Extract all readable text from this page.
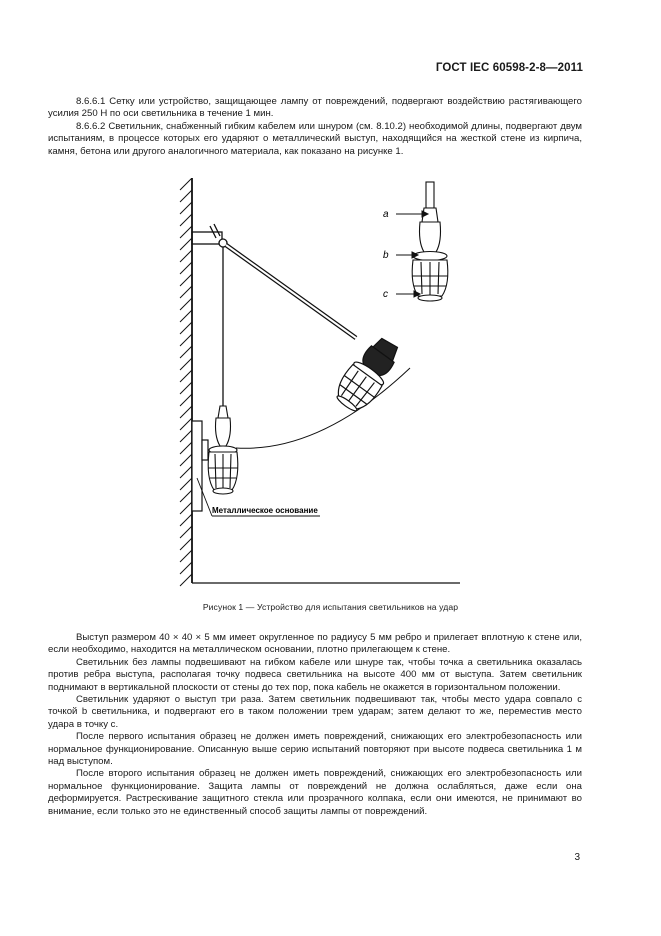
ГОСТ IEC 60598-2-8—2011

8.6.6.1 Сетку или устройство, защищающее лампу от повреждений, подвергают воздействию растягивающего усилия 250 Н по оси светильника в течение 1 мин.

8.6.6.2 Светильник, снабженный гибким кабелем или шнуром (см. 8.10.2) необходимой длины, подвергают двум испытаниям, в процессе которых его ударяют о металлический выступ, находящийся на жесткой стене из кирпича, камня, бетона или другого аналогичного материала, как показано на рисунке 1.

a
b
c
Металлическое основание
Рисунок 1 — Устройство для испытания светильников на удар

Выступ размером 40 × 40 × 5 мм имеет округленное по радиусу 5 мм ребро и прилегает вплотную к стене или, если необходимо, находится на металлическом основании, плотно прилегающем к стене.

Светильник без лампы подвешивают на гибком кабеле или шнуре так, чтобы точка a светильника оказалась против ребра выступа, располагая точку подвеса светильника на высоте 400 мм от выступа. Затем светильник поднимают в вертикальной плоскости от стены до тех пор, пока кабель не окажется в горизонтальном положении.

Светильник ударяют о выступ три раза. Затем светильник подвешивают так, чтобы место удара совпало с точкой b светильника, и подвергают его в таком положении трем ударам; затем делают то же, переместив место удара в точку c.

После первого испытания образец не должен иметь повреждений, снижающих его электробезопасность или нормальное функционирование. Описанную выше серию испытаний повторяют при высоте подвеса светильника 1 м над выступом.

После второго испытания образец не должен иметь повреждений, снижающих его электробезопасность или нормальное функционирование. Защита лампы от повреждений не должна ослабляться, даже если она деформируется. Растрескивание защитного стекла или прозрачного колпака, если они имеются, не принимают во внимание, если только это не единственный способ защиты лампы от повреждений.

3
